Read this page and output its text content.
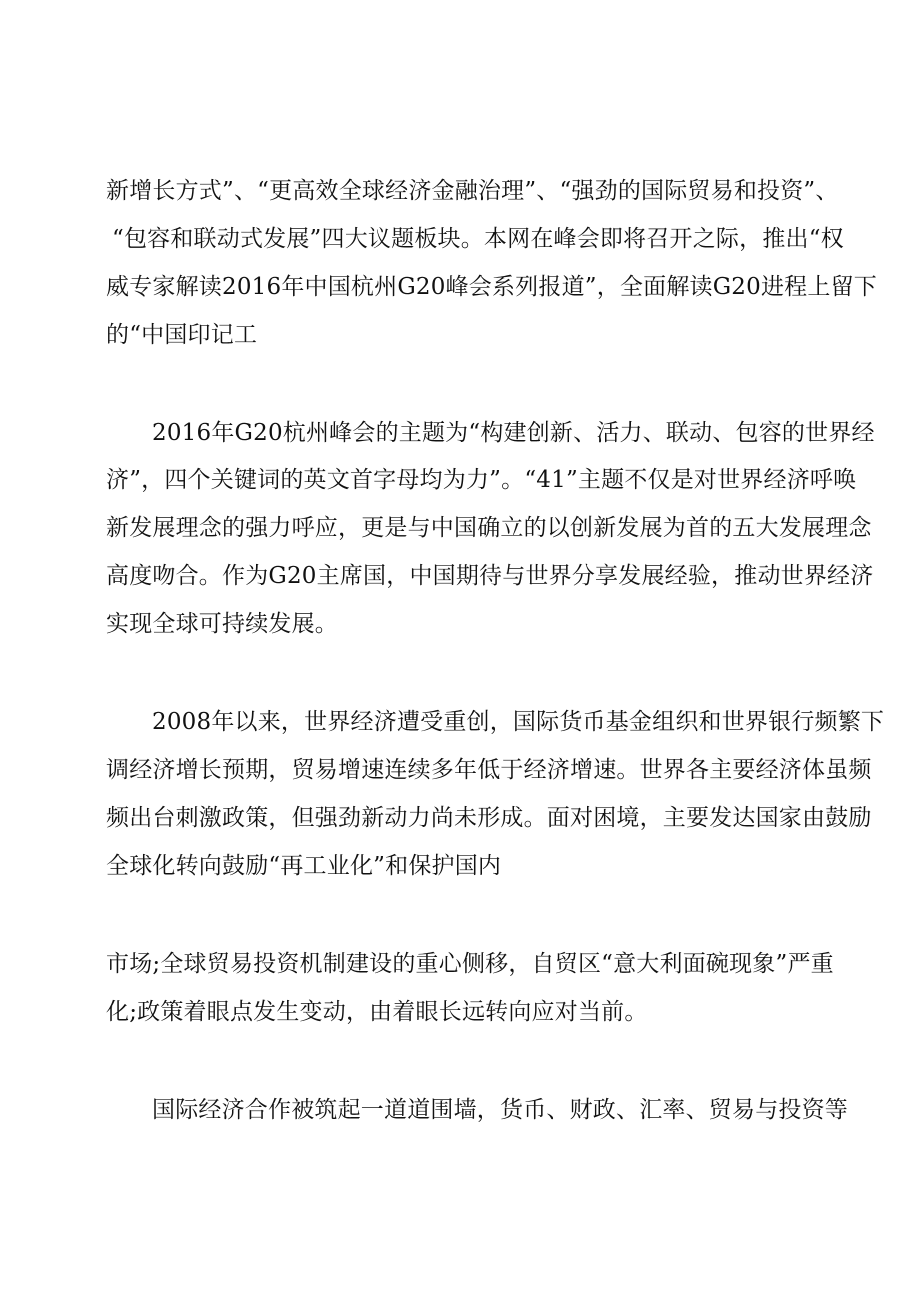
新增长方式”、“更高效全球经济金融治理”、“强劲的国际贸易和投资”、
“包容和联动式发展”四大议题板块。本网在峰会即将召开之际，推出“权
威专家解读2016年中国杭州G20峰会系列报道”，全面解读G20进程上留下
的“中国印记工
2016年G20杭州峰会的主题为“构建创新、活力、联动、包容的世界经
济”，四个关键词的英文首字母均为力”。“41”主题不仅是对世界经济呼唤
新发展理念的强力呼应，更是与中国确立的以创新发展为首的五大发展理念
高度吻合。作为G20主席国，中国期待与世界分享发展经验，推动世界经济
实现全球可持续发展。
2008年以来，世界经济遭受重创，国际货币基金组织和世界银行频繁下
调经济增长预期，贸易增速连续多年低于经济增速。世界各主要经济体虽频
频出台刺激政策，但强劲新动力尚未形成。面对困境，主要发达国家由鼓励
全球化转向鼓励“再工业化”和保护国内
市场;全球贸易投资机制建设的重心侧移，自贸区“意大利面碗现象”严重
化;政策着眼点发生变动，由着眼长远转向应对当前。
国际经济合作被筑起一道道围墙，货币、财政、汇率、贸易与投资等
